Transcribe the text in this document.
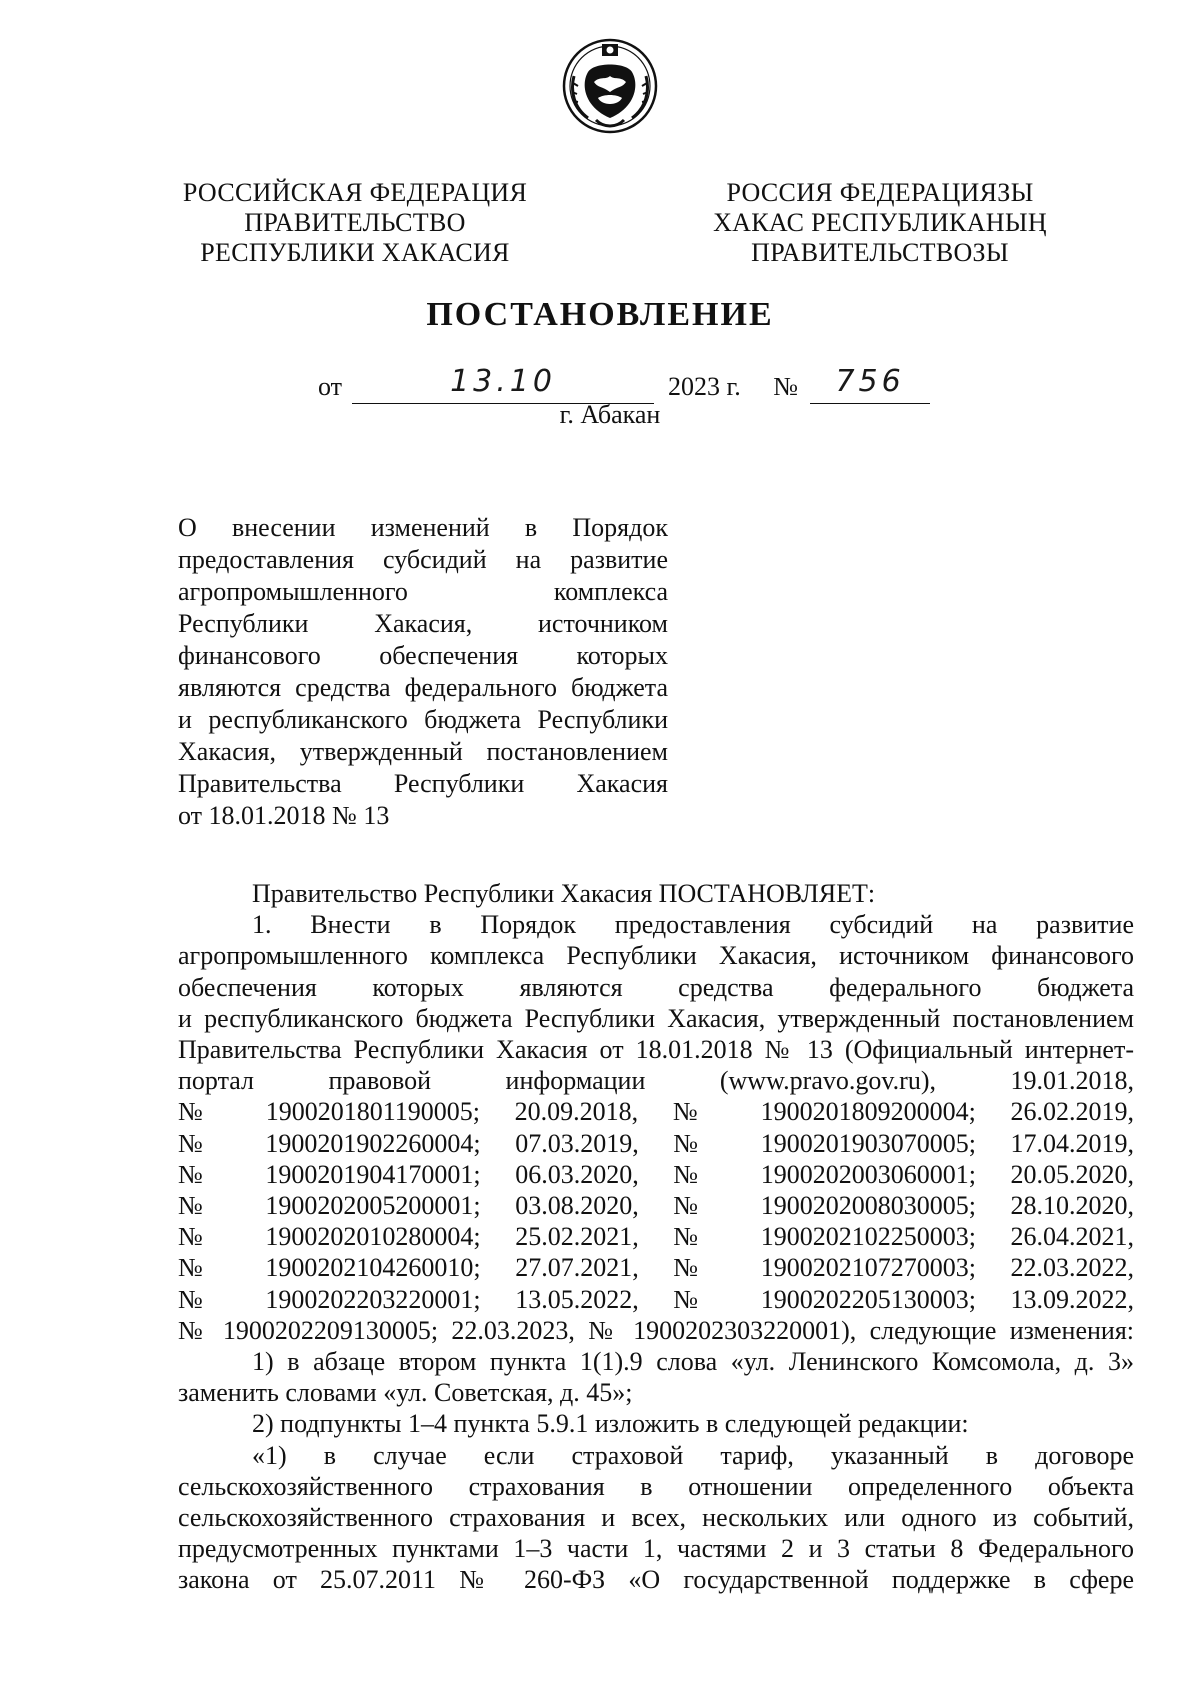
РОССИЙСКАЯ ФЕДЕРАЦИЯ
ПРАВИТЕЛЬСТВО
РЕСПУБЛИКИ ХАКАСИЯ
РОССИЯ ФЕДЕРАЦИЯЗЫ
ХАКАС РЕСПУБЛИКАНЫҢ
ПРАВИТЕЛЬСТВОЗЫ
ПОСТАНОВЛЕНИЕ
от	13.10	2023 г. № 756
г. Абакан
О внесении изменений в Порядок
предоставления субсидий на развитие
агропромышленного комплекса
Республики Хакасия, источником
финансового обеспечения которых
являются средства федерального бюджета
и республиканского бюджета Республики
Хакасия, утвержденный постановлением
Правительства Республики Хакасия
от 18.01.2018 № 13
Правительство Республики Хакасия ПОСТАНОВЛЯЕТ:
1. Внести в Порядок предоставления субсидий на развитие
агропромышленного комплекса Республики Хакасия, источником финансового
обеспечения которых являются средства федерального бюджета
и республиканского бюджета Республики Хакасия, утвержденный постановлением
Правительства Республики Хакасия от 18.01.2018 № 13 (Официальный интернет-
портал правовой информации (www.pravo.gov.ru), 19.01.2018,
№ 1900201801190005; 20.09.2018, № 1900201809200004; 26.02.2019,
№ 1900201902260004; 07.03.2019, № 1900201903070005; 17.04.2019,
№ 1900201904170001; 06.03.2020, № 1900202003060001; 20.05.2020,
№ 1900202005200001; 03.08.2020, № 1900202008030005; 28.10.2020,
№ 1900202010280004; 25.02.2021, № 1900202102250003; 26.04.2021,
№ 1900202104260010; 27.07.2021, № 1900202107270003; 22.03.2022,
№ 1900202203220001; 13.05.2022, № 1900202205130003; 13.09.2022,
№ 1900202209130005; 22.03.2023, № 1900202303220001), следующие изменения:
1) в абзаце втором пункта 1(1).9 слова «ул. Ленинского Комсомола, д. 3»
заменить словами «ул. Советская, д. 45»;
2) подпункты 1–4 пункта 5.9.1 изложить в следующей редакции:
«1) в случае если страховой тариф, указанный в договоре
сельскохозяйственного страхования в отношении определенного объекта
сельскохозяйственного страхования и всех, нескольких или одного из событий,
предусмотренных пунктами 1–3 части 1, частями 2 и 3 статьи 8 Федерального
закона от 25.07.2011 № 260-ФЗ «О государственной поддержке в сфере
